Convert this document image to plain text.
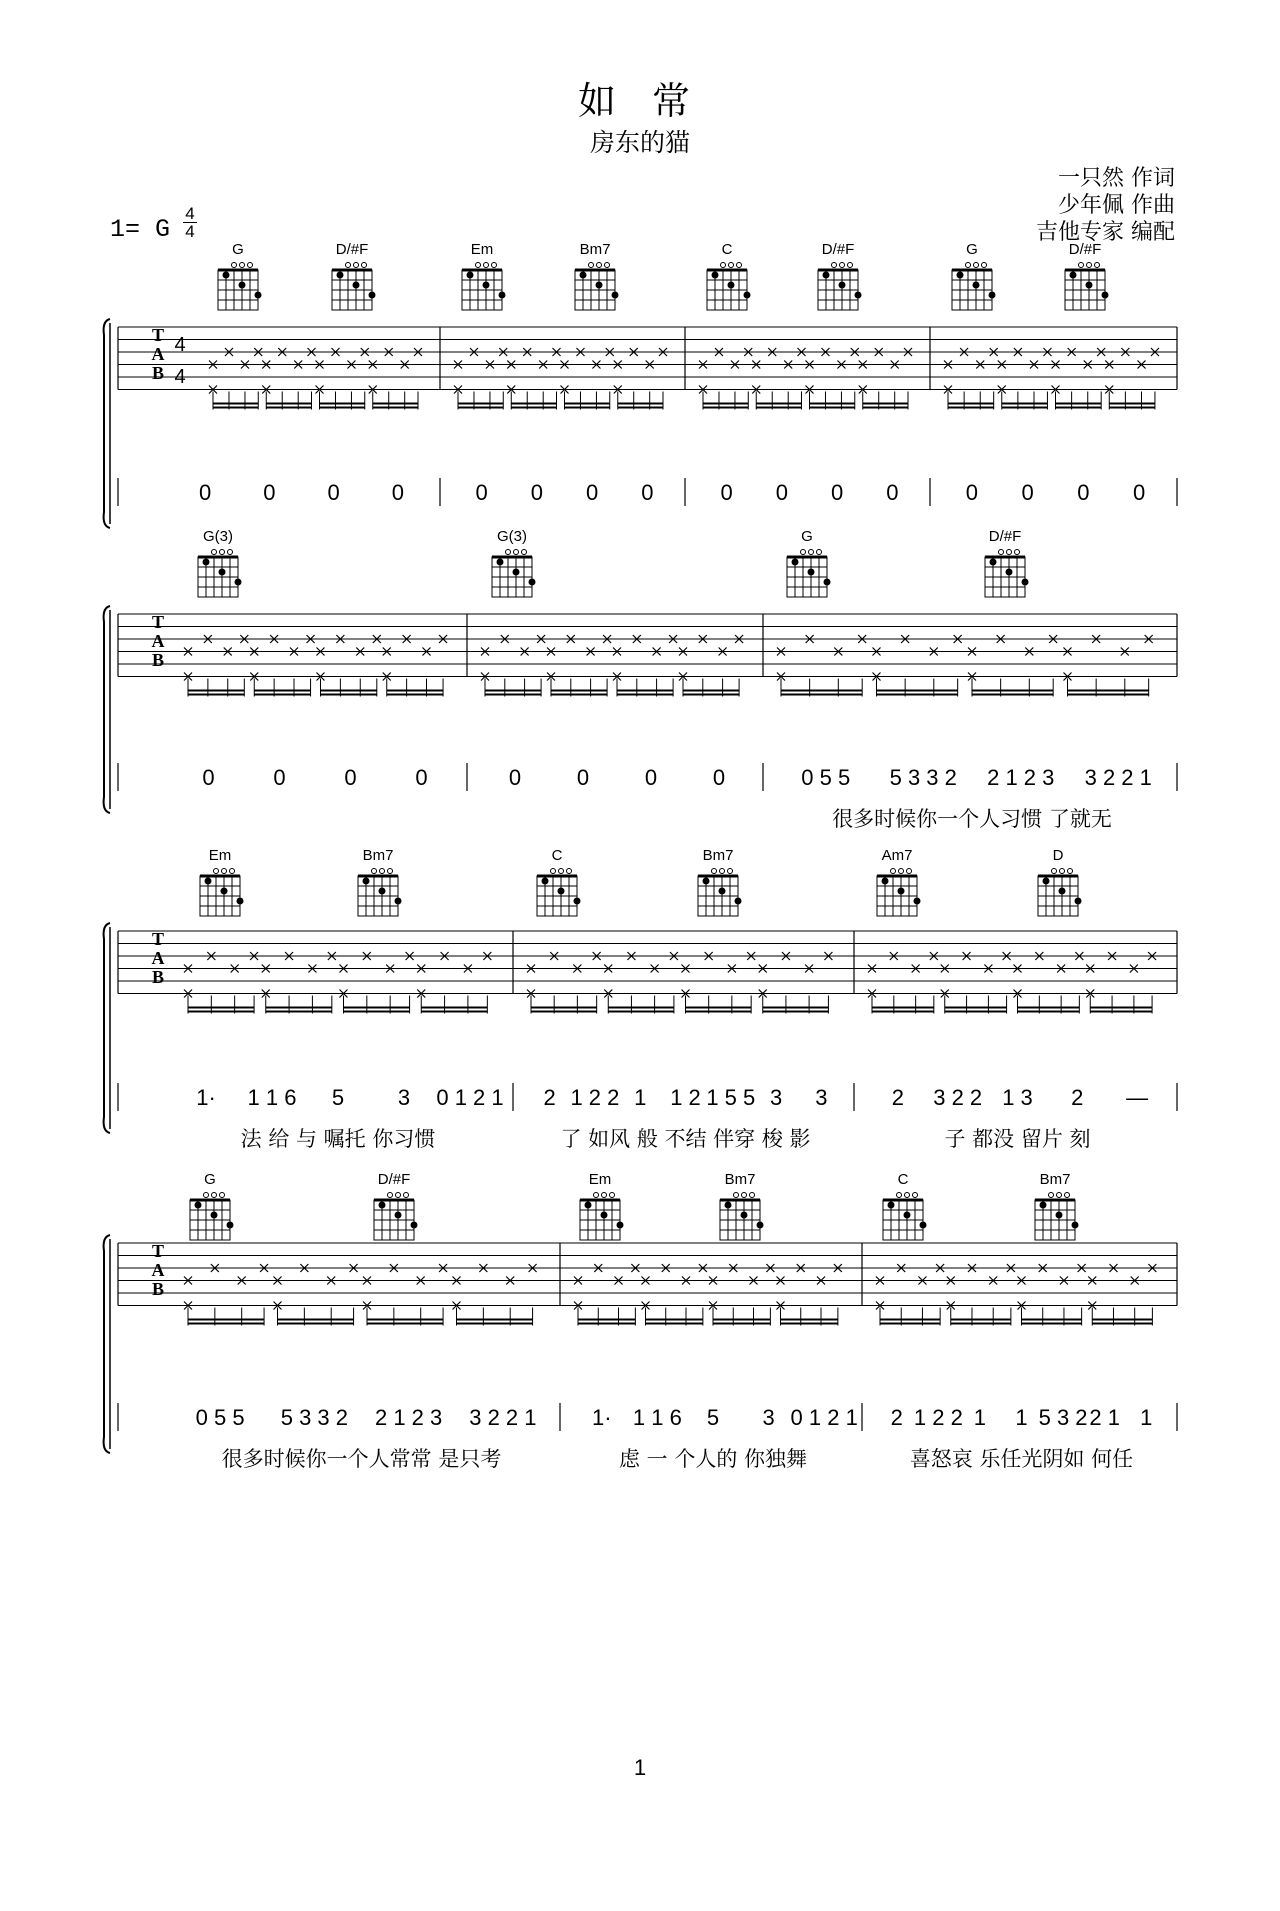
如 常
房东的猫
一只然 作词
少年佩 作曲
吉他专家 编配
1= G $\frac{4}{4}$
T
A
B
G	D/#F	Em	Bm7	C	D/#F	G	D/#F
0 0 0 0	0 0 0 0	0 0 0 0	0 0 0 0
4
4
T
A
B
G(3)	G(3)	G	D/#F
0	0	0	0	0	0	0	0	0 5 5 5 3 3 2 2 1 2 3 3 2 2 1
很多时候你一个人习惯 了就无
T
A
B
Em	Bm7	C	Bm7	Am7	D
1· 1 1 6 5 3 0 1 2 1
法 给 与 嘱托 你习惯
2 1 2 2 1 1 2 1 5 5 3 3
了 如风 般 不结 伴穿 梭 影
2 3 2 2 1 3 2 —
子 都没 留片 刻
T
A
B
G	D/#F	Em	Bm7	C	Bm7
0 5 5 5 3 3 2 2 1 2 3 3 2 2 1
很多时候你一个人常常 是只考
1· 1 1 6 5 3 0 1 2 1
虑 一 个人的 你独舞
2 1 2 2 1 1 5 3 2 2 1 1
喜怒哀 乐任光阴如 何任
1
